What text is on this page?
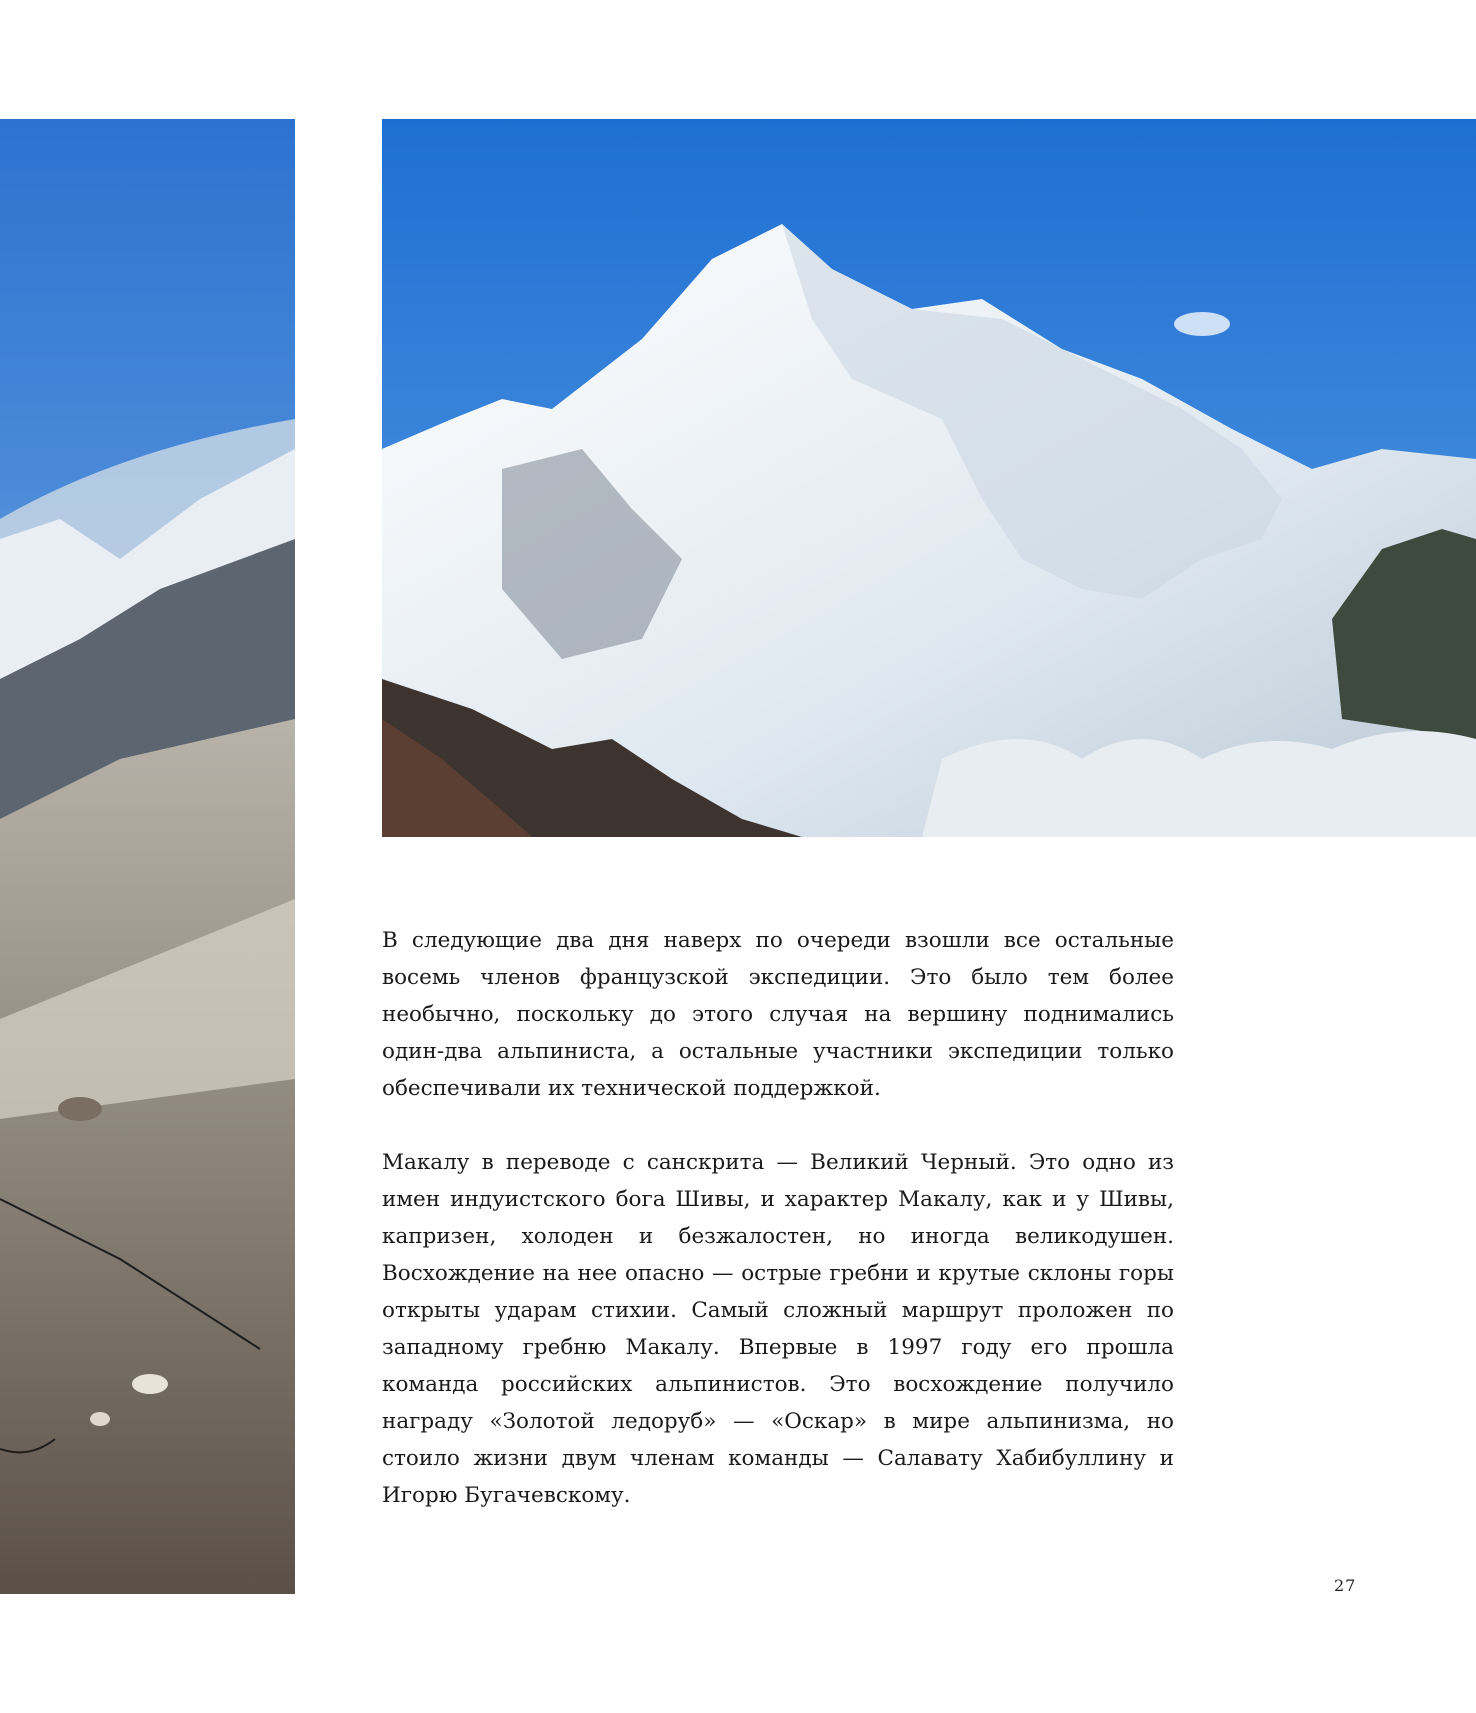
В следующие два дня наверх по очереди взошли все остальные восемь членов французской экспедиции. Это было тем более необычно, поскольку до этого случая на вершину поднимались один-два альпиниста, а остальные участники экспедиции только обеспечивали их технической поддержкой.

Макалу в переводе с санскрита — Великий Черный. Это одно из имен индуистского бога Шивы, и характер Макалу, как и у Шивы, капризен, холоден и безжалостен, но иногда великодушен. Восхождение на нее опасно — острые гребни и крутые склоны горы открыты ударам стихии. Самый сложный маршрут проложен по западному гребню Макалу. Впервые в 1997 году его прошла команда российских альпинистов. Это восхождение получило награду «Золотой ледоруб» — «Оскар» в мире альпинизма, но стоило жизни двум членам команды — Салавату Хабибуллину и Игорю Бугачевскому.

27
